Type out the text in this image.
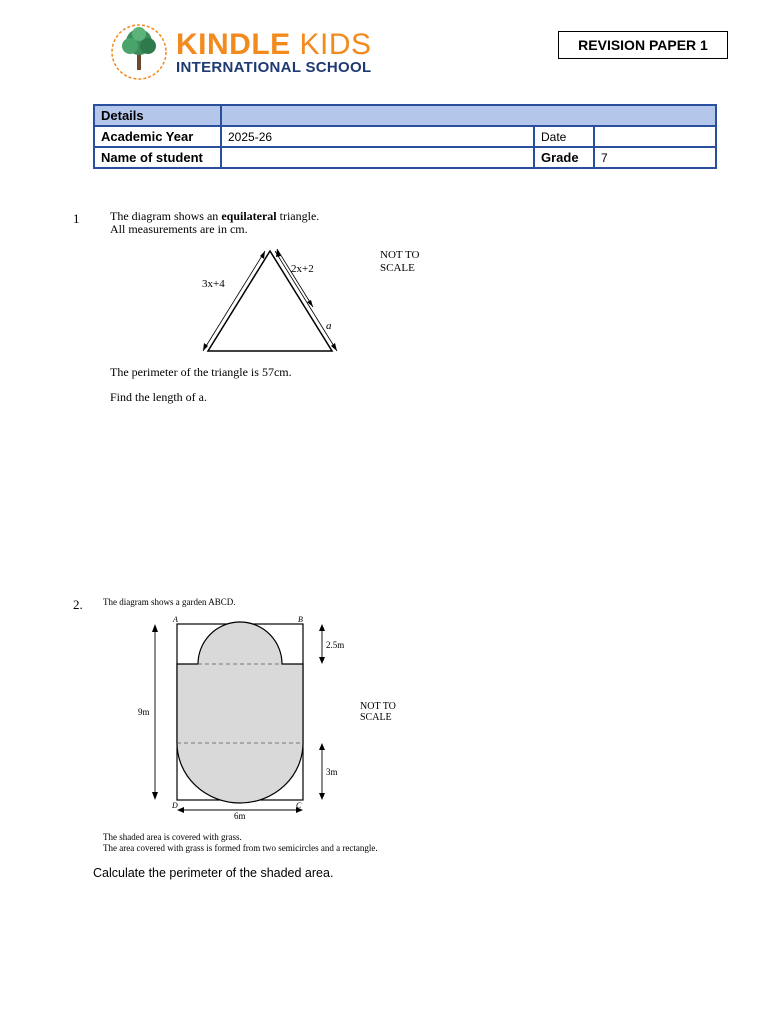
KINDLE KIDS
INTERNATIONAL SCHOOL
REVISION PAPER 1
Details			
Academic Year	2025-26	Date	
Name of student		Grade	7
1	The diagram shows an equilateral triangle.
All measurements are in cm.
3x+4
2x+2
a
NOT TO
SCALE
The perimeter of the triangle is 57cm.
Find the length of a.
2. The diagram shows a garden ABCD.
A	B
D	C
9m
2.5m
3m
6m
NOT TO
SCALE
The shaded area is covered with grass.
The area covered with grass is formed from two semicircles and a rectangle.
Calculate the perimeter of the shaded area.
